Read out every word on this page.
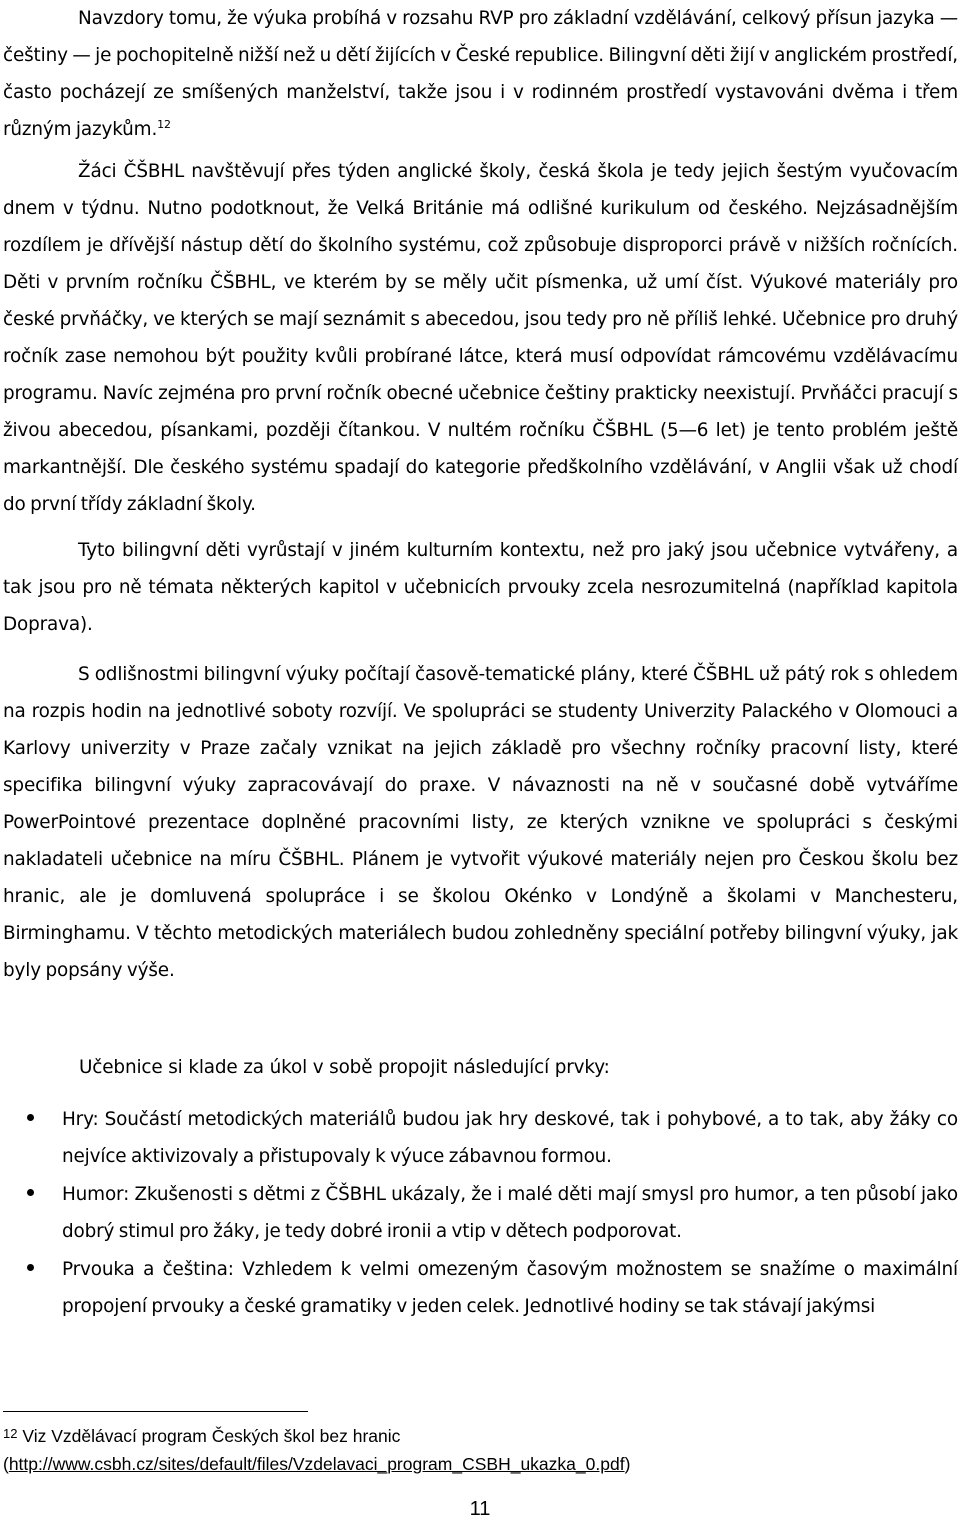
Navzdory tomu, že výuka probíhá v rozsahu RVP pro základní vzdělávání, celkový přísun jazyka — češtiny — je pochopitelně nižší než u dětí žijících v České republice. Bilingvní děti žijí v anglickém prostředí, často pocházejí ze smíšených manželství, takže jsou i v rodinném prostředí vystavováni dvěma i třem různým jazykům.$^{12}$

Žáci ČŠBHL navštěvují přes týden anglické školy, česká škola je tedy jejich šestým vyučovacím dnem v týdnu. Nutno podotknout, že Velká Británie má odlišné kurikulum od českého. Nejzásadnějším rozdílem je dřívější nástup dětí do školního systému, což způsobuje disproporci právě v nižších ročnících. Děti v prvním ročníku ČŠBHL, ve kterém by se měly učit písmenka, už umí číst. Výukové materiály pro české prvňáčky, ve kterých se mají seznámit s abecedou, jsou tedy pro ně příliš lehké. Učebnice pro druhý ročník zase nemohou být použity kvůli probírané látce, která musí odpovídat rámcovému vzdělávacímu programu. Navíc zejména pro první ročník obecné učebnice češtiny prakticky neexistují. Prvňáčci pracují s živou abecedou, písankami, později čítankou. V nultém ročníku ČŠBHL (5—6 let) je tento problém ještě markantnější. Dle českého systému spadají do kategorie předškolního vzdělávání, v Anglii však už chodí do první třídy základní školy.

Tyto bilingvní děti vyrůstají v jiném kulturním kontextu, než pro jaký jsou učebnice vytvářeny, a tak jsou pro ně témata některých kapitol v učebnicích prvouky zcela nesrozumitelná (například kapitola Doprava).

S odlišnostmi bilingvní výuky počítají časově-tematické plány, které ČŠBHL už pátý rok s ohledem na rozpis hodin na jednotlivé soboty rozvíjí. Ve spolupráci se studenty Univerzity Palackého v Olomouci a Karlovy univerzity v Praze začaly vznikat na jejich základě pro všechny ročníky pracovní listy, které specifika bilingvní výuky zapracovávají do praxe. V návaznosti na ně v současné době vytváříme PowerPointové prezentace doplněné pracovními listy, ze kterých vznikne ve spolupráci s českými nakladateli učebnice na míru ČŠBHL. Plánem je vytvořit výukové materiály nejen pro Českou školu bez hranic, ale je domluvená spolupráce i se školou Okénko v Londýně a školami v Manchesteru, Birminghamu. V těchto metodických materiálech budou zohledněny speciální potřeby bilingvní výuky, jak byly popsány výše.

Učebnice si klade za úkol v sobě propojit následující prvky:

Hry: Součástí metodických materiálů budou jak hry deskové, tak i pohybové, a to tak, aby žáky co nejvíce aktivizovaly a přistupovaly k výuce zábavnou formou.
Humor: Zkušenosti s dětmi z ČŠBHL ukázaly, že i malé děti mají smysl pro humor, a ten působí jako dobrý stimul pro žáky, je tedy dobré ironii a vtip v dětech podporovat.
Prvouka a čeština: Vzhledem k velmi omezeným časovým možnostem se snažíme o maximální propojení prvouky a české gramatiky v jeden celek. Jednotlivé hodiny se tak stávají jakýmsi

$^{12}$ Viz Vzdělávací program Českých škol bez hranic
(http://www.csbh.cz/sites/default/files/Vzdelavaci_program_CSBH_ukazka_0.pdf)

11
